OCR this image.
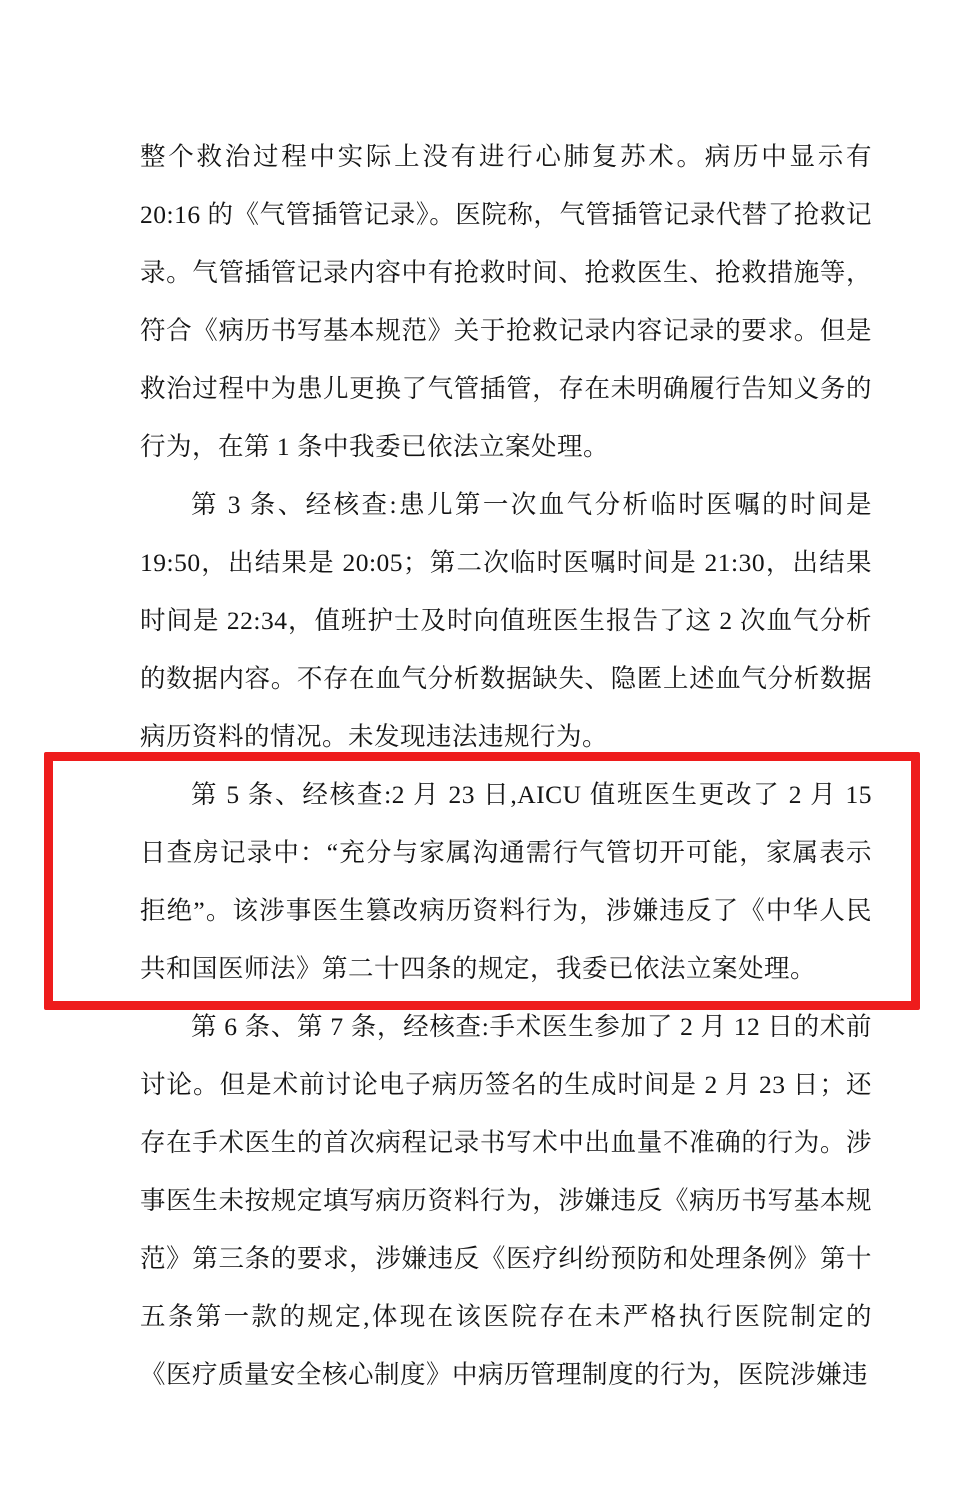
整个救治过程中实际上没有进行心肺复苏术。病历中显示有 20:16 的《气管插管记录》。医院称，气管插管记录代替了抢救记录。气管插管记录内容中有抢救时间、抢救医生、抢救措施等，符合《病历书写基本规范》关于抢救记录内容记录的要求。但是救治过程中为患儿更换了气管插管，存在未明确履行告知义务的行为，在第 1 条中我委已依法立案处理。

第 3 条、经核查:患儿第一次血气分析临时医嘱的时间是 19:50，出结果是 20:05；第二次临时医嘱时间是 21:30，出结果时间是 22:34，值班护士及时向值班医生报告了这 2 次血气分析的数据内容。不存在血气分析数据缺失、隐匿上述血气分析数据病历资料的情况。未发现违法违规行为。

第 5 条、经核查:2 月 23 日,AICU 值班医生更改了 2 月 15 日查房记录中：“充分与家属沟通需行气管切开可能，家属表示拒绝”。该涉事医生篡改病历资料行为，涉嫌违反了《中华人民共和国医师法》第二十四条的规定，我委已依法立案处理。

第 6 条、第 7 条，经核查:手术医生参加了 2 月 12 日的术前讨论。但是术前讨论电子病历签名的生成时间是 2 月 23 日；还存在手术医生的首次病程记录书写术中出血量不准确的行为。涉事医生未按规定填写病历资料行为，涉嫌违反《病历书写基本规范》第三条的要求，涉嫌违反《医疗纠纷预防和处理条例》第十五条第一款的规定,体现在该医院存在未严格执行医院制定的《医疗质量安全核心制度》中病历管理制度的行为，医院涉嫌违
